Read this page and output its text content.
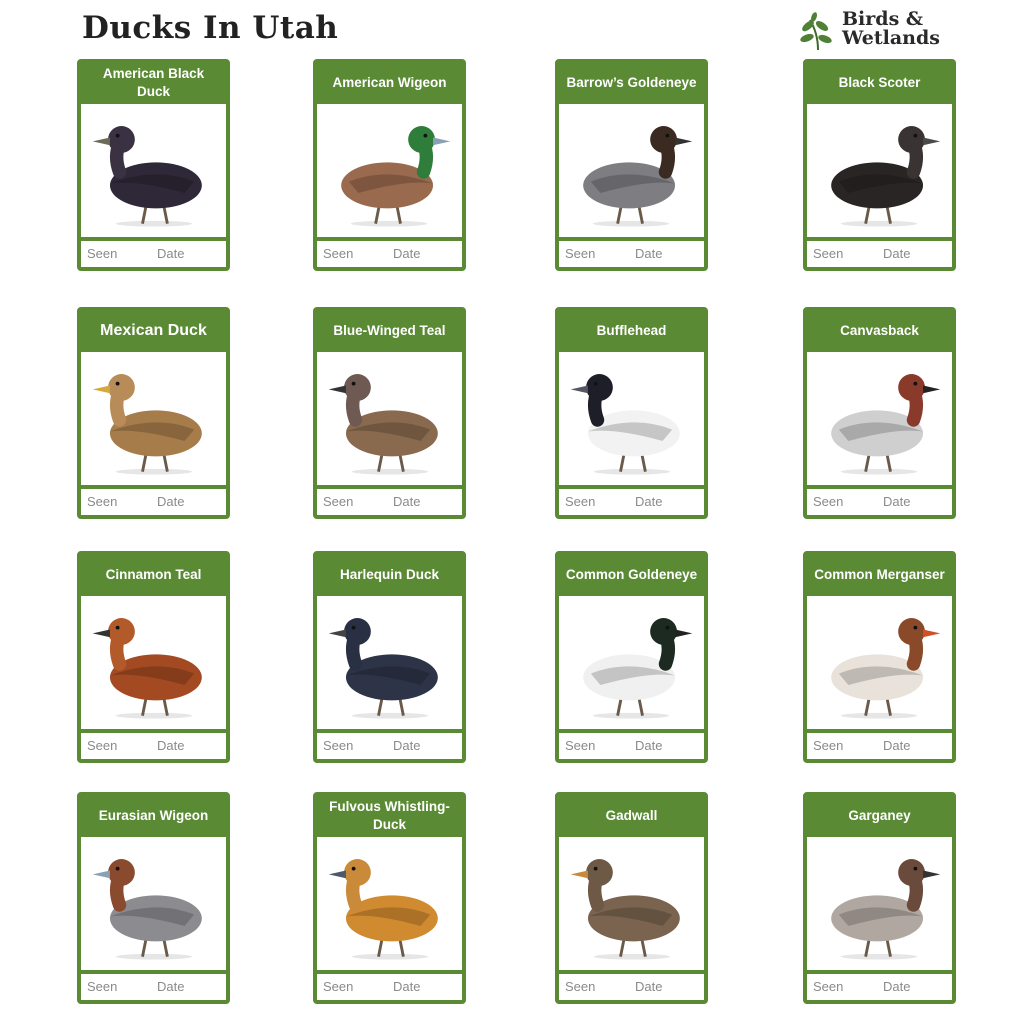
Ducks In Utah	Birds &
Wetlands
American Black Duck
Seen	Date
American Wigeon
Seen	Date
Barrow’s Goldeneye
Seen	Date
Black Scoter
Seen	Date
Mexican Duck
Seen	Date
Blue-Winged Teal
Seen	Date
Bufflehead
Seen	Date
Canvasback
Seen	Date
Cinnamon Teal
Seen	Date
Harlequin Duck
Seen	Date
Common Goldeneye
Seen	Date
Common Merganser
Seen	Date
Eurasian Wigeon
Seen	Date
Fulvous Whistling-Duck
Seen	Date
Gadwall
Seen	Date
Garganey
Seen	Date
